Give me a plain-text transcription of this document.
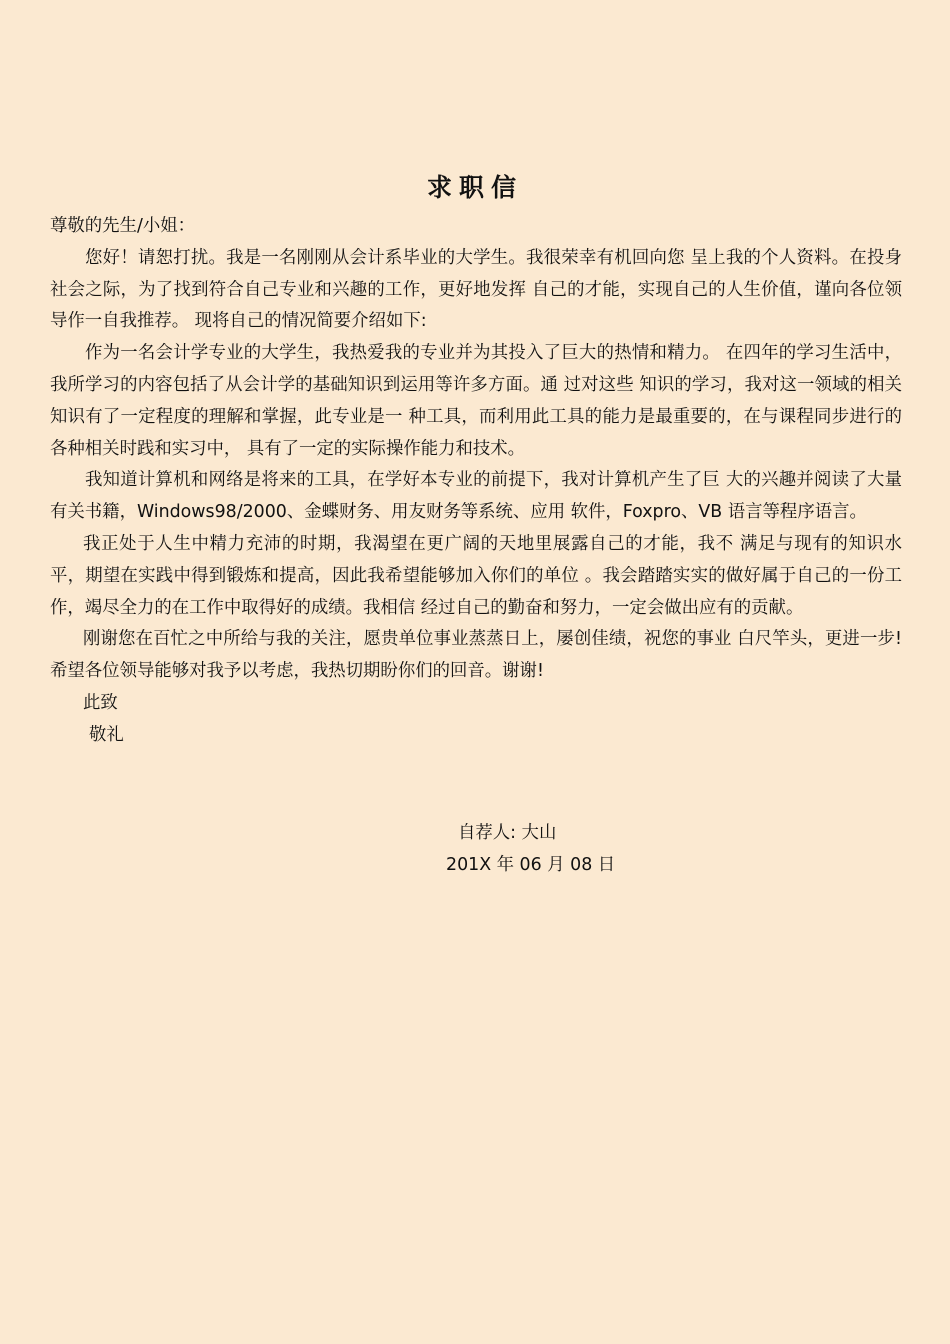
求职信

尊敬的先生/小姐：

您好！请恕打扰。我是一名刚刚从会计系毕业的大学生。我很荣幸有机回向您 呈上我的个人资料。在投身社会之际，为了找到符合自己专业和兴趣的工作，更好地发挥 自己的才能，实现自己的人生价值，谨向各位领导作一自我推荐。 现将自己的情况简要介绍如下:

作为一名会计学专业的大学生，我热爱我的专业并为其投入了巨大的热情和精力。 在四年的学习生活中，我所学习的内容包括了从会计学的基础知识到运用等许多方面。通 过对这些 知识的学习，我对这一领域的相关知识有了一定程度的理解和掌握，此专业是一 种工具，而利用此工具的能力是最重要的，在与课程同步进行的各种相关时践和实习中， 具有了一定的实际操作能力和技术。

我知道计算机和网络是将来的工具，在学好本专业的前提下，我对计算机产生了巨 大的兴趣并阅读了大量有关书籍，Windows98/2000、金蝶财务、用友财务等系统、应用 软件，Foxpro、VB 语言等程序语言。

我正处于人生中精力充沛的时期，我渴望在更广阔的天地里展露自己的才能，我不 满足与现有的知识水平，期望在实践中得到锻炼和提高，因此我希望能够加入你们的单位 。我会踏踏实实的做好属于自己的一份工作，竭尽全力的在工作中取得好的成绩。我相信 经过自己的勤奋和努力，一定会做出应有的贡献。

刚谢您在百忙之中所给与我的关注，愿贵单位事业蒸蒸日上，屡创佳绩，祝您的事业 白尺竿头，更进一步! 希望各位领导能够对我予以考虑，我热切期盼你们的回音。谢谢!

此致

敬礼

自荐人: 大山
201X 年 06 月 08 日
